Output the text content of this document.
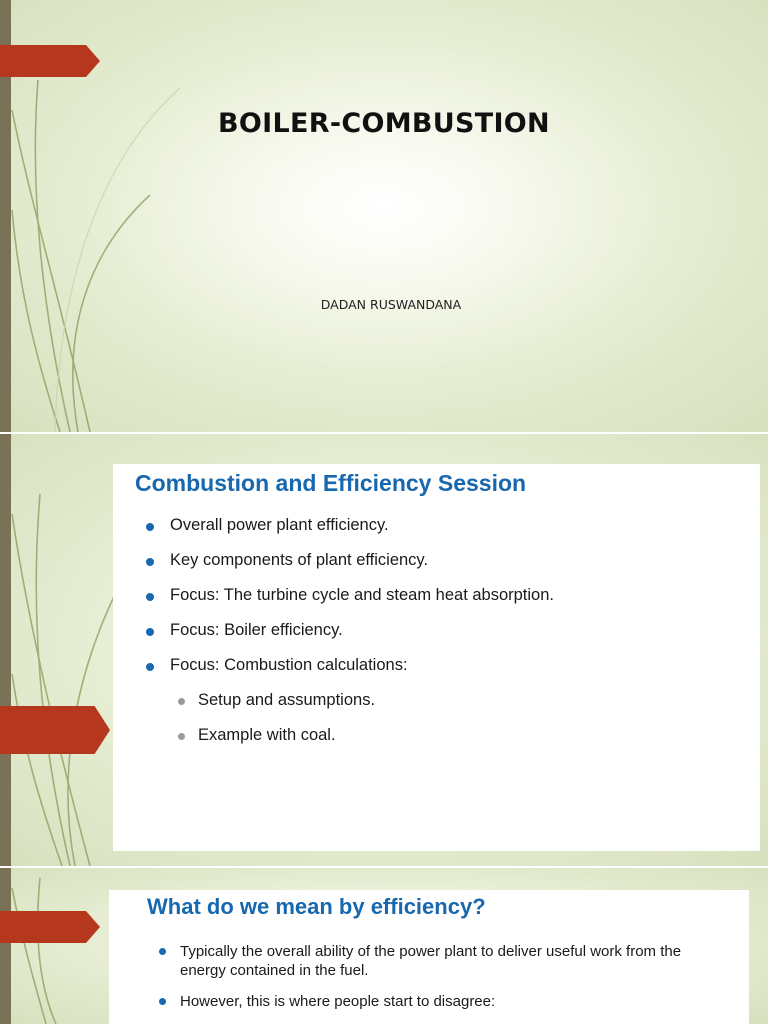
BOILER-COMBUSTION
DADAN RUSWANDANA
Combustion and Efficiency Session
Overall power plant efficiency.
Key components of plant efficiency.
Focus: The turbine cycle and steam heat absorption.
Focus: Boiler efficiency.
Focus: Combustion calculations:
Setup and assumptions.
Example with coal.
What do we mean by efficiency?
Typically the overall ability of the power plant to deliver useful work from the energy contained in the fuel.
However, this is where people start to disagree:
